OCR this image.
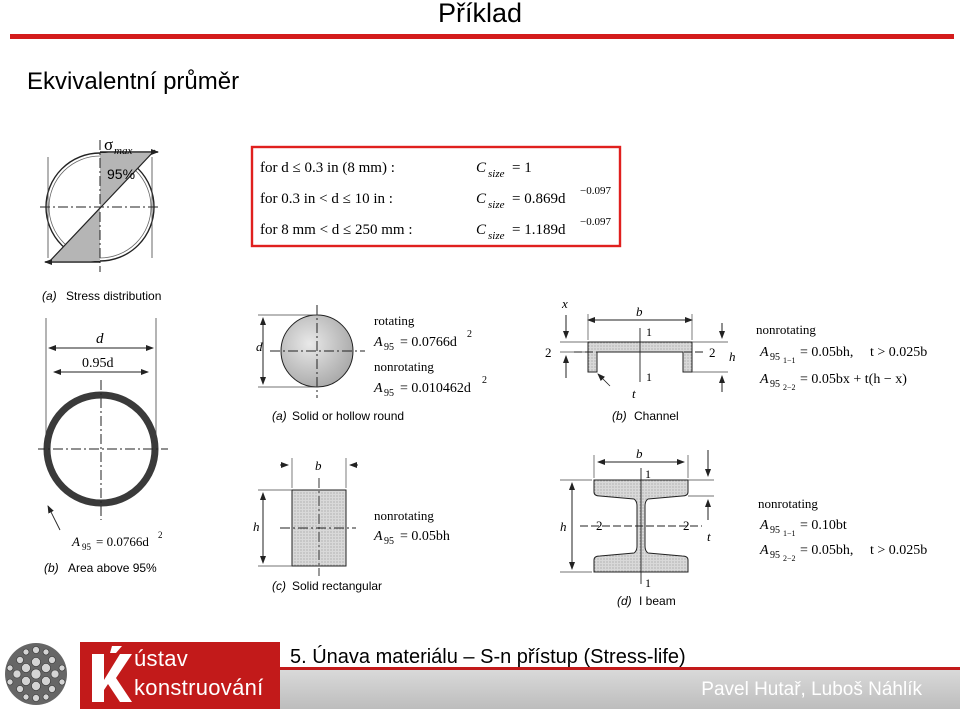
Příklad
Ekvivalentní průměr
σ max
95%
(a) Stress distribution
for d ≤ 0.3 in (8 mm) :	C size = 1
for 0.3 in < d ≤ 10 in :	C size = 0.869d −0.097
for 8 mm < d ≤ 250 mm :	C size = 1.189d −0.097
d
0.95d
A 95 = 0.0766d 2
(b) Area above 95%
d
rotating
A 95 = 0.0766d
2
nonrotating
A 95 = 0.010462d
2
(a) Solid or hollow round
x
b
1
1
2	2 h
t
(b) Channel
nonrotating
A 95 1−1
= 0.05bh, t > 0.025b
A 95 2−2
= 0.05bx + t(h − x)
b
h
nonrotating
A 95 = 0.05bh
(c) Solid rectangular
b
1
1
2	2
h
t
(d) I beam
nonrotating
A 95 1−1
= 0.10bt
A 95 2−2
= 0.05bh, t > 0.025b
ústav
konstruování
5. Únava materiálu – S-n přístup (Stress-life)
Pavel Hutař, Luboš Náhlík
